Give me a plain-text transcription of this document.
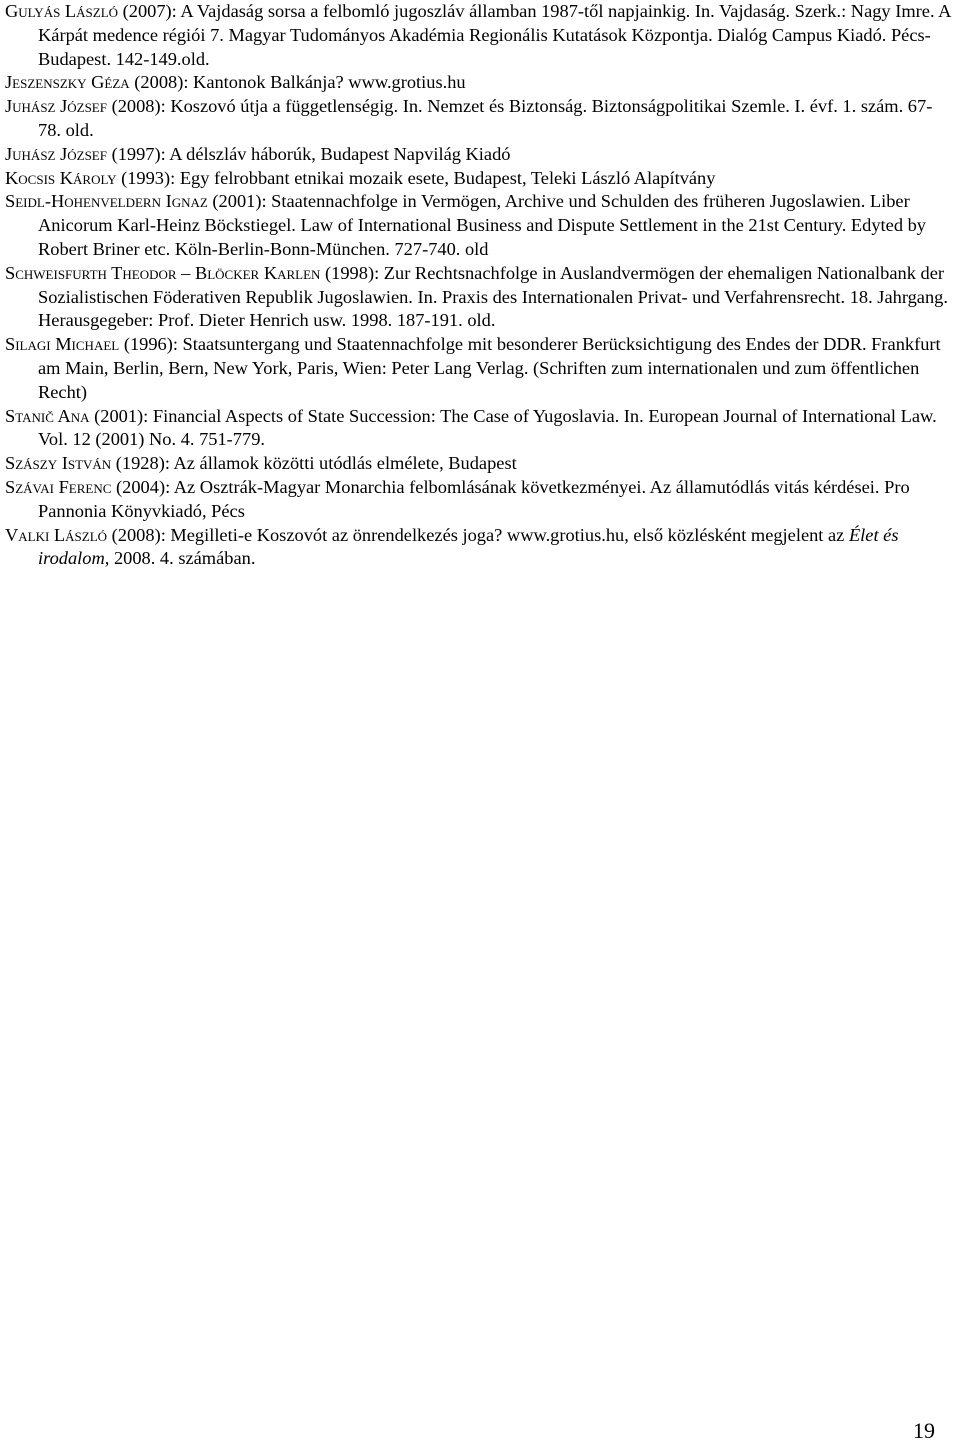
Gulyás László (2007): A Vajdaság sorsa a felbomló jugoszláv államban 1987-től napjainkig. In. Vajdaság. Szerk.: Nagy Imre. A Kárpát medence régiói 7. Magyar Tudományos Akadémia Regionális Kutatások Központja. Dialóg Campus Kiadó. Pécs-Budapest. 142-149.old.

Jeszenszky Géza (2008): Kantonok Balkánja? www.grotius.hu

Juhász József (2008): Koszovó útja a függetlenségig. In. Nemzet és Biztonság. Biztonságpolitikai Szemle. I. évf. 1. szám. 67-78. old.

Juhász József (1997): A délszláv háborúk, Budapest Napvilág Kiadó

Kocsis Károly (1993): Egy felrobbant etnikai mozaik esete, Budapest, Teleki László Alapítvány

Seidl-Hohenveldern Ignaz (2001): Staatennachfolge in Vermögen, Archive und Schulden des früheren Jugoslawien. Liber Anicorum Karl-Heinz Böckstiegel. Law of International Business and Dispute Settlement in the 21st Century. Edyted by Robert Briner etc. Köln-Berlin-Bonn-München. 727-740. old

Schweisfurth Theodor – Blöcker Karlen (1998): Zur Rechtsnachfolge in Auslandvermögen der ehemaligen Nationalbank der Sozialistischen Föderativen Republik Jugoslawien. In. Praxis des Internationalen Privat- und Verfahrensrecht. 18. Jahrgang. Herausgegeber: Prof. Dieter Henrich usw. 1998. 187-191. old.

Silagi Michael (1996): Staatsuntergang und Staatennachfolge mit besonderer Berücksichtigung des Endes der DDR. Frankfurt am Main, Berlin, Bern, New York, Paris, Wien: Peter Lang Verlag. (Schriften zum internationalen und zum öffentlichen Recht)

Stanič Ana (2001): Financial Aspects of State Succession: The Case of Yugoslavia. In. European Journal of International Law. Vol. 12 (2001) No. 4. 751-779.

Szászy István (1928): Az államok közötti utódlás elmélete, Budapest

Szávai Ferenc (2004): Az Osztrák-Magyar Monarchia felbomlásának következményei. Az államutódlás vitás kérdései. Pro Pannonia Könyvkiadó, Pécs

Valki László (2008): Megilleti-e Koszovót az önrendelkezés joga? www.grotius.hu, első közlésként megjelent az Élet és irodalom, 2008. 4. számában.

19
